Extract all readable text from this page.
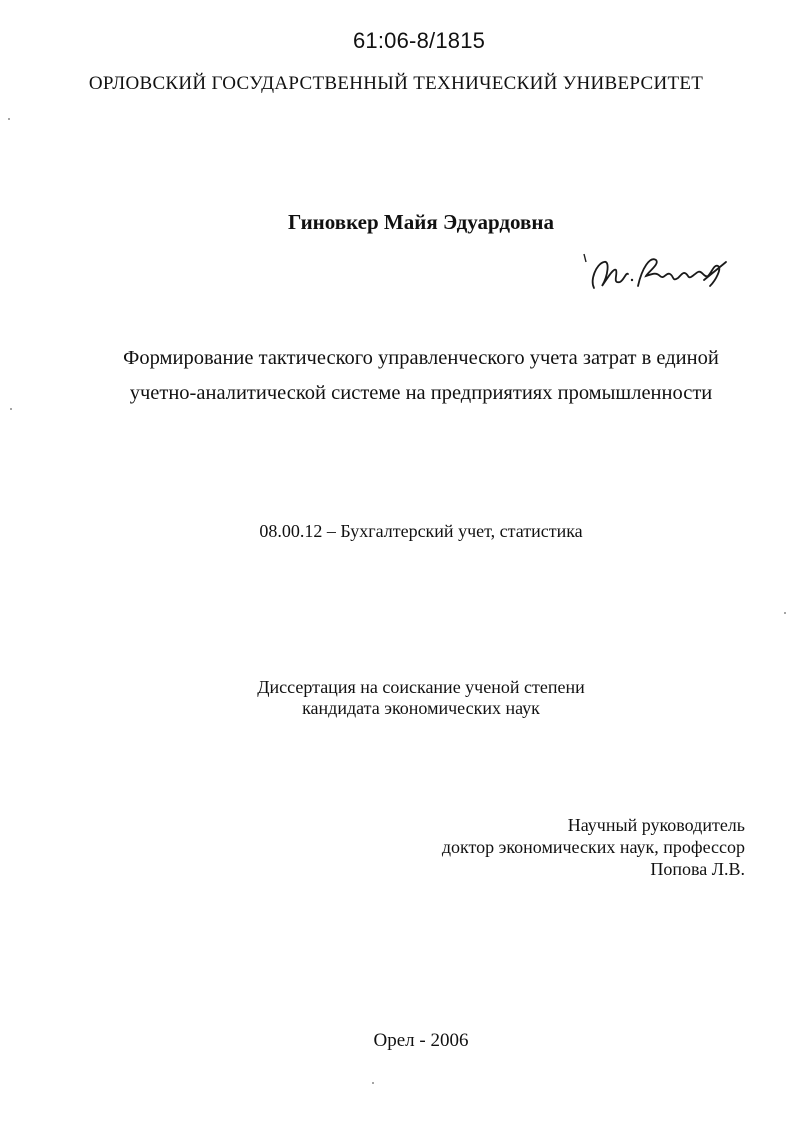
61:06-8/1815
ОРЛОВСКИЙ ГОСУДАРСТВЕННЫЙ ТЕХНИЧЕСКИЙ УНИВЕРСИТЕТ
Гиновкер Майя Эдуардовна
Формирование тактического управленческого учета затрат в единой
учетно-аналитической системе на предприятиях промышленности
08.00.12 – Бухгалтерский учет, статистика
Диссертация на соискание ученой степени
кандидата экономических наук
Научный руководитель
доктор экономических наук, профессор
Попова Л.В.
Орел - 2006
